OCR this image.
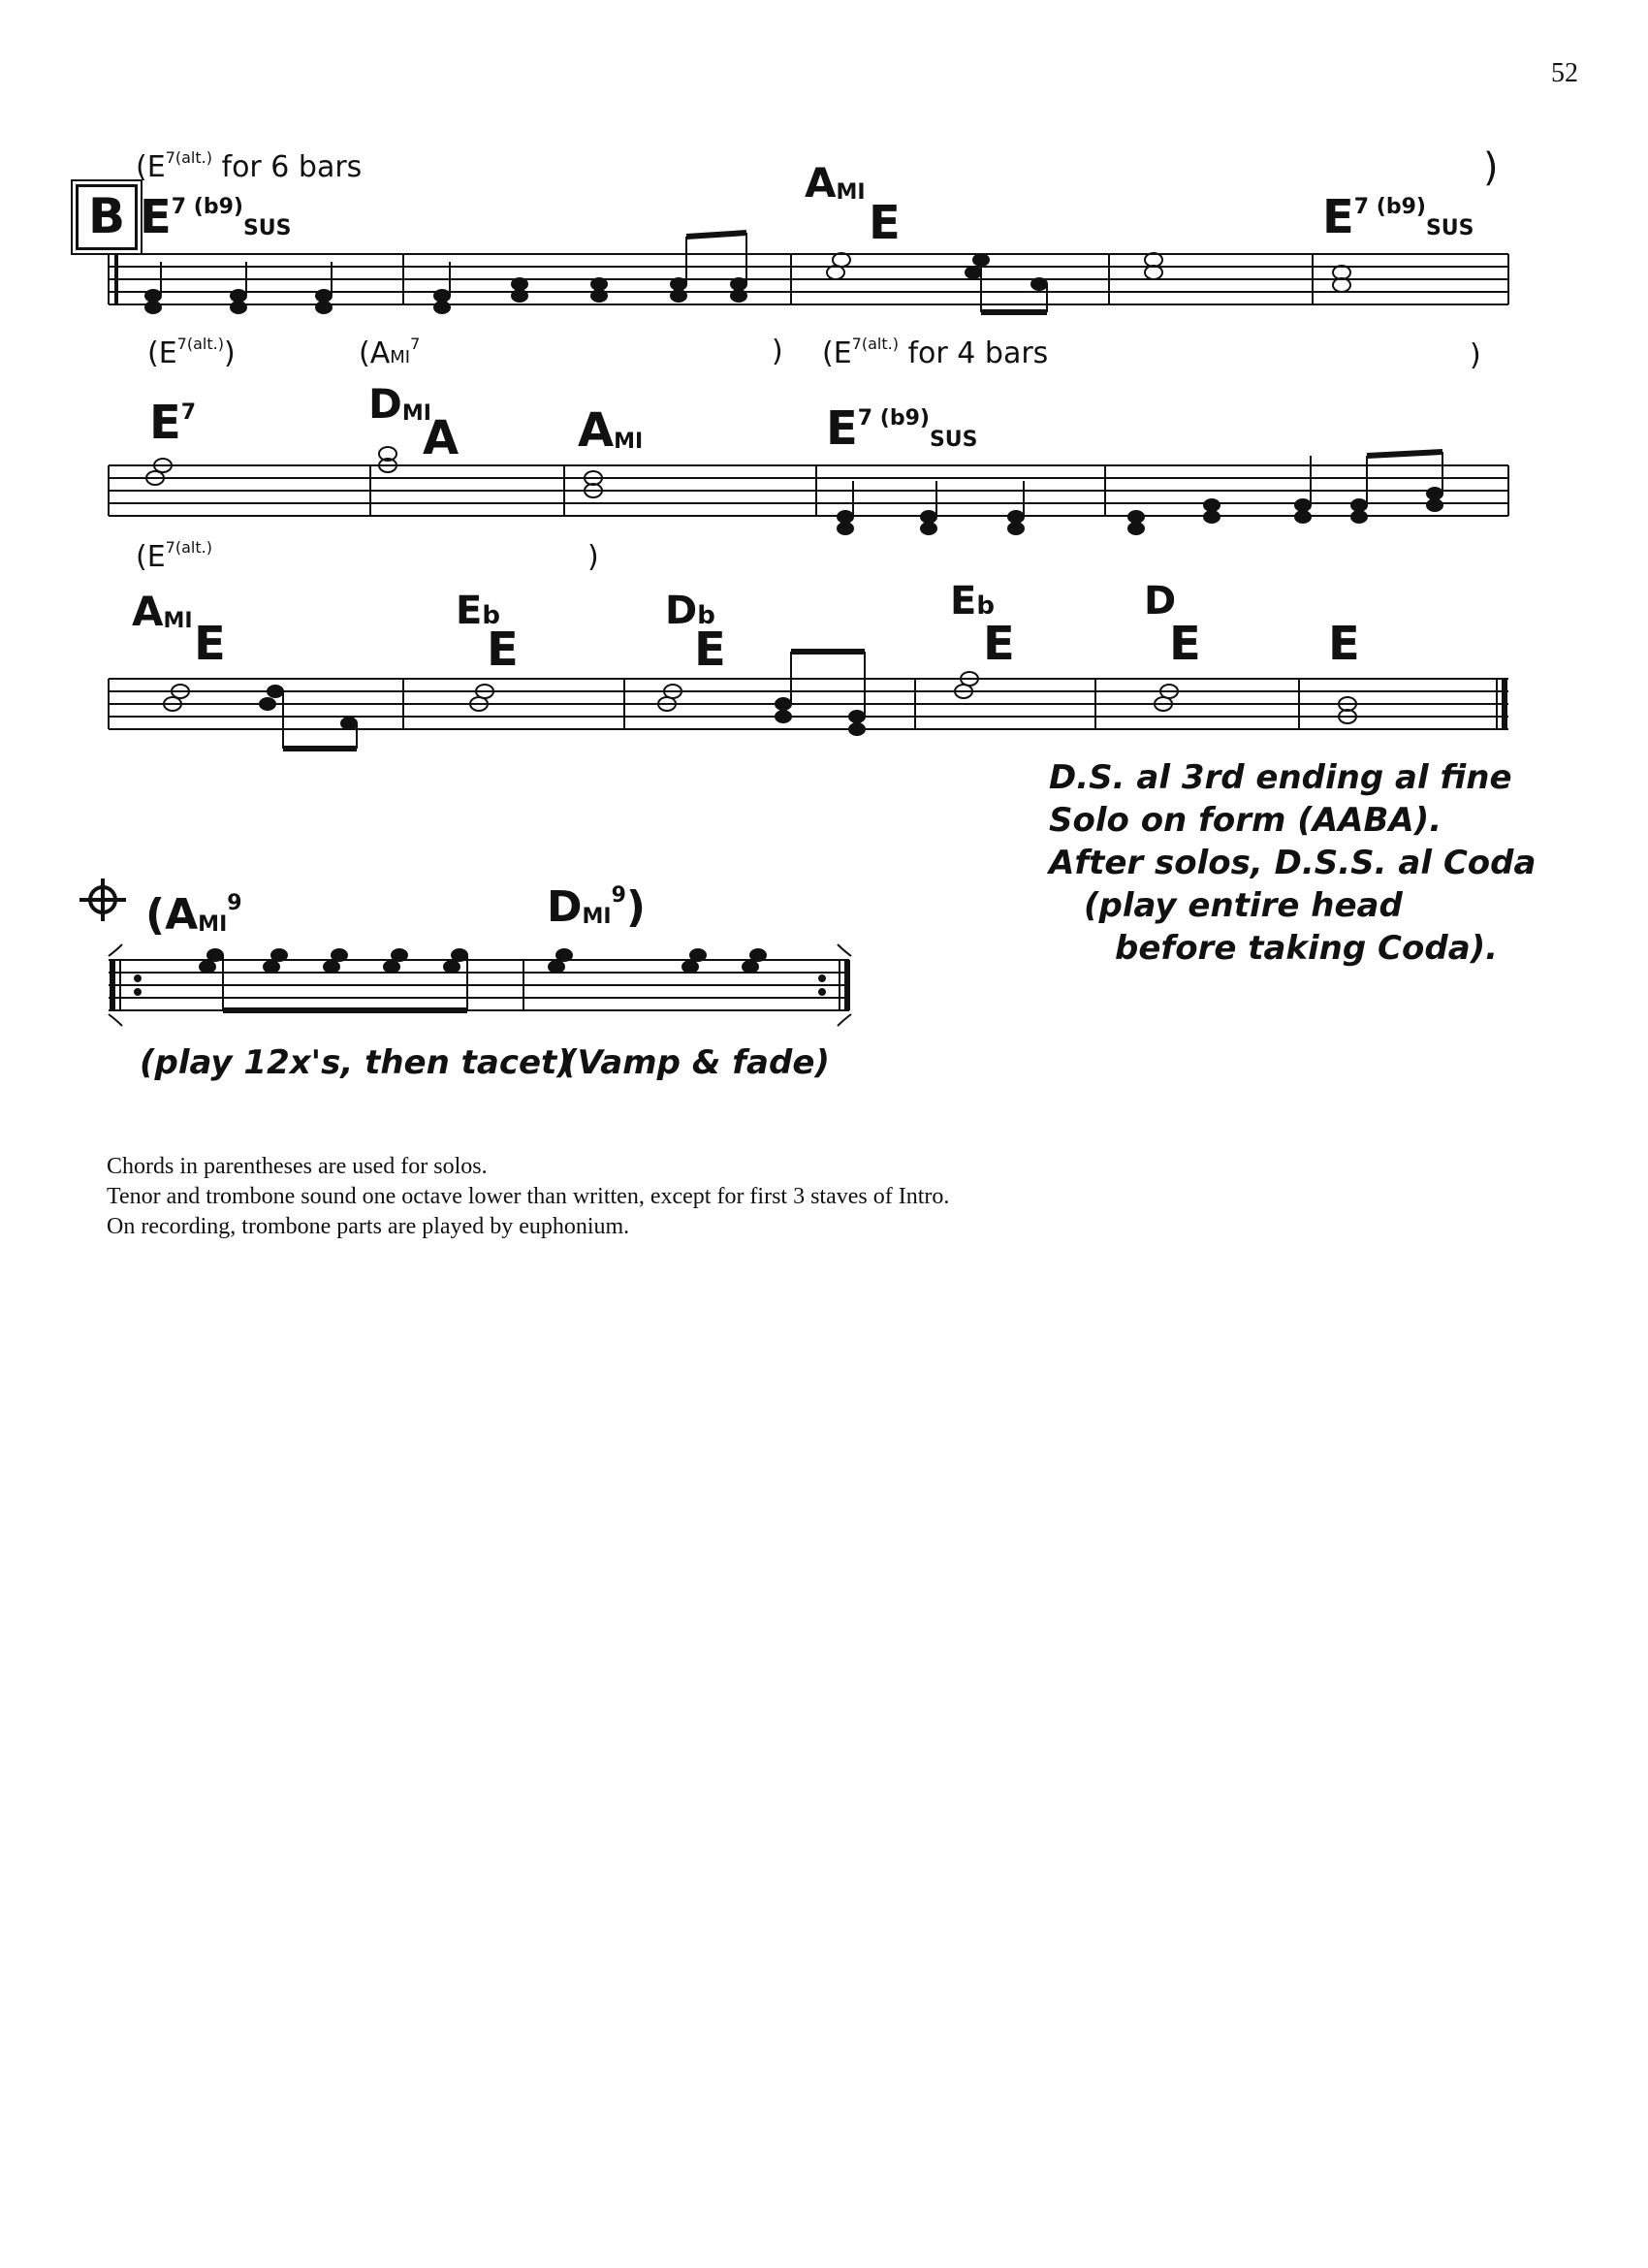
52
B
($E^{7(alt.)}$ for 6 bars	)
$E^{7 (b9)}_{SUS}$
$A_{MI}$
E	$E^{7 (b9)}_{SUS}$
$(E^{7(alt.)})$	(AMI$^7$	) ($E^{7(alt.)}$ for 4 bars	)
$E^7$	$D_{MI}$
A	$A_{MI}$	$E^{7 (b9)}_{SUS}$
($E^{7(alt.)}$	)
$A_{MI}$ E
Eb
E
Db
E
Eb
E
D
E	E
D.S. al 3rd ending al fine
Solo on form (AABA).
After solos, D.S.S. al Coda
(play entire head
before taking Coda).
($A_{MI}^9$	$D_{MI}^9$)
(play 12x's, then tacet)
(Vamp & fade)
Chords in parentheses are used for solos.
Tenor and trombone sound one octave lower than written, except for first 3 staves of Intro.
On recording, trombone parts are played by euphonium.
